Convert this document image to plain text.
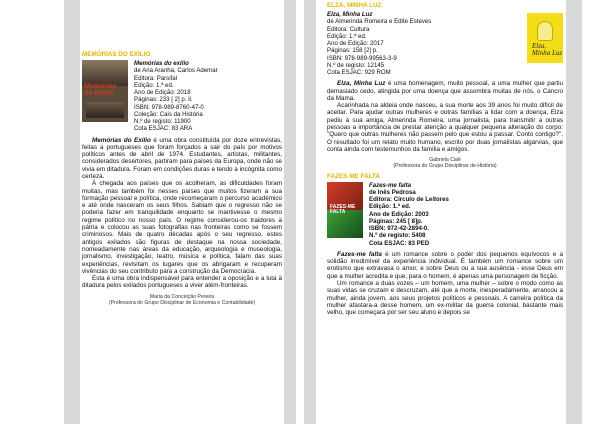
MEMÓRIAS DO EXÍLIO
Memórias do Exílio
Memórias do exílio
de Ana Aranha, Carlos Ademar
Editora: Parsifal
Edição: 1.ª ed.
Ano de Edição: 2018
Páginas: 233 [ 2] p. il.
ISBN: 978-989-8760-47-0
Coleção: Cais da História
N.º de registo: 11900
Cota ESJAC: 83 ARA

Memórias do Exílio é uma obra constituída por doze entrevistas, feitas a portugueses que foram forçados a sair do país por motivos políticos antes de abril de 1974. Estudantes, artistas, militantes, considerados desertores, partiram para países da Europa, onde não se vivia em ditadura. Foram em condições duras e tendo a incógnita como certeza.

À chegada aos países que os acolheram, as dificuldades foram muitas, mas também foi nesses países que muitos fizeram a sua formação pessoal e política, onde recomeçaram o percurso académico e até onde nasceram os seus filhos. Sabiam que o regresso não se poderia fazer em tranquilidade enquanto se mantivesse o mesmo regime político no nosso país. O regime considerou-os traidores à pátria e colocou as suas fotografias nas fronteiras como se fossem criminosos. Mais de quatro décadas após o seu regresso, estes antigos exilados são figuras de destaque na nossa sociedade, nomeadamente nas áreas da educação, arqueologia e museologia, jornalismo, investigação, teatro, música e política, falam das suas experiências, revisitam os lugares que os abrigaram e recuperam vivências do seu contributo para a construção da Democracia.

Esta é uma obra indispensável para entender a oposição e a luta à ditadura pelos exilados portugueses a viver além-fronteiras.

Maria da Conceição Pereira
(Professora do Grupo Disciplinar de Economia e Contabilidade)
ELZA, MINHA LUZ
Elza, Minha Luz
de Almerinda Romeira e Edite Esteves
Editora: Cultura
Edição: 1.ª ed.
Ano de Edição: 2017
Páginas: 158 [2] p.
ISBN: 978-989-99563-3-9
N.º de registo: 12145
Cota ESJAC: 929 ROM
Elza, Minha Luz

Elza, Minha Luz é uma homenagem, muito pessoal, a uma mulher que partiu demasiado cedo, atingida por uma doença que assombra muitas de nós, o Cancro da Mama.

Acarinhada na aldeia onde nasceu, a sua morte aos 39 anos foi muito difícil de aceitar. Para ajudar outras mulheres e outras famílias a lidar com a doença, Elza pediu à sua amiga, Almerinda Romeira, uma jornalista, para transmitir a outras pessoas a importância de prestar atenção a qualquer pequena alteração do corpo: "Quero que outras mulheres não passem pelo que estou a passar. Conto contigo?". O resultado foi um relato muito humano, escrito por duas jornalistas algarvias, que conta ainda com testemunhos da família e amigos.

Gabriela Calé
(Professora do Grupo Disciplinar de História)
FAZES-ME FALTA
FAZES-ME FALTA
Fazes-me falta
de Inês Pedrosa
Editora: Círculo de Leitores
Edição: 1.ª ed.
Ano de Edição: 2003
Páginas: 245 [ 8]p.
ISBN: 972-42-2894-0.
N.º de registo: 5408
Cota ESJAC: 83 PED

Fazes-me falta é um romance sobre o poder dos pequenos equívocos e a solidão irredimível da experiência individual. É também um romance sobre um erotismo que extravasa o amor, e sobre Deus ou a sua ausência - esse Deus em que a mulher acredita e que, para o homem, é apenas uma personagem de ficção.

Um romance a duas vozes – um homem, uma mulher – sobre o modo como as suas vidas se cruzam e descruzam, até que a morte, inesperadamente, arrancou a mulher, ainda jovem, aos seus projetos políticos e pessoais. A carreira política da mulher afastara-a desse homem, um ex-militar da guerra colonial, bastante mais velho, que começara por ser seu aluno e depois se
